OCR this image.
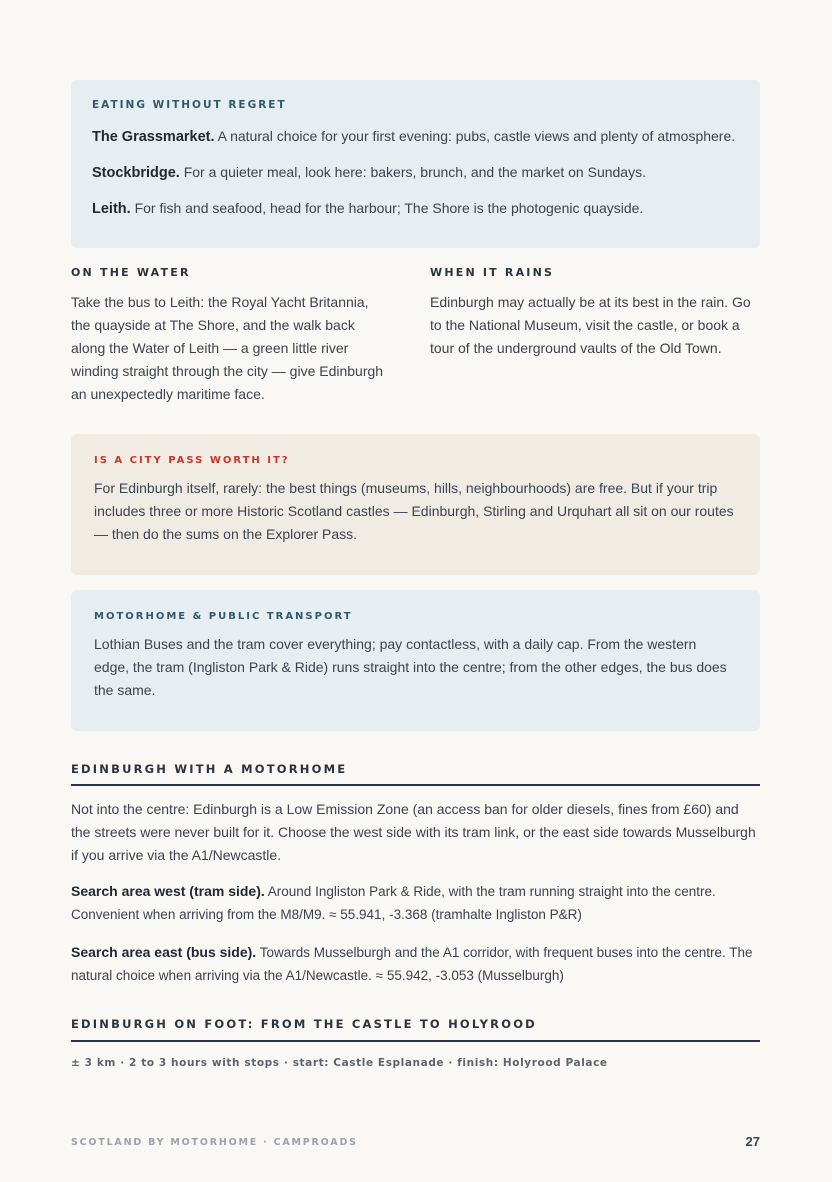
EATING WITHOUT REGRET
The Grassmarket. A natural choice for your first evening: pubs, castle views and plenty of atmosphere.
Stockbridge. For a quieter meal, look here: bakers, brunch, and the market on Sundays.
Leith. For fish and seafood, head for the harbour; The Shore is the photogenic quayside.
ON THE WATER
Take the bus to Leith: the Royal Yacht Britannia, the quayside at The Shore, and the walk back along the Water of Leith — a green little river winding straight through the city — give Edinburgh an unexpectedly maritime face.
WHEN IT RAINS
Edinburgh may actually be at its best in the rain. Go to the National Museum, visit the castle, or book a tour of the underground vaults of the Old Town.
IS A CITY PASS WORTH IT?
For Edinburgh itself, rarely: the best things (museums, hills, neighbourhoods) are free. But if your trip includes three or more Historic Scotland castles — Edinburgh, Stirling and Urquhart all sit on our routes — then do the sums on the Explorer Pass.
MOTORHOME & PUBLIC TRANSPORT
Lothian Buses and the tram cover everything; pay contactless, with a daily cap. From the western edge, the tram (Ingliston Park & Ride) runs straight into the centre; from the other edges, the bus does the same.
EDINBURGH WITH A MOTORHOME
Not into the centre: Edinburgh is a Low Emission Zone (an access ban for older diesels, fines from £60) and the streets were never built for it. Choose the west side with its tram link, or the east side towards Musselburgh if you arrive via the A1/Newcastle.
Search area west (tram side). Around Ingliston Park & Ride, with the tram running straight into the centre. Convenient when arriving from the M8/M9. ≈ 55.941, -3.368 (tramhalte Ingliston P&R)
Search area east (bus side). Towards Musselburgh and the A1 corridor, with frequent buses into the centre. The natural choice when arriving via the A1/Newcastle. ≈ 55.942, -3.053 (Musselburgh)
EDINBURGH ON FOOT: FROM THE CASTLE TO HOLYROOD
± 3 km · 2 to 3 hours with stops · start: Castle Esplanade · finish: Holyrood Palace
SCOTLAND BY MOTORHOME · CAMPROADS	27
